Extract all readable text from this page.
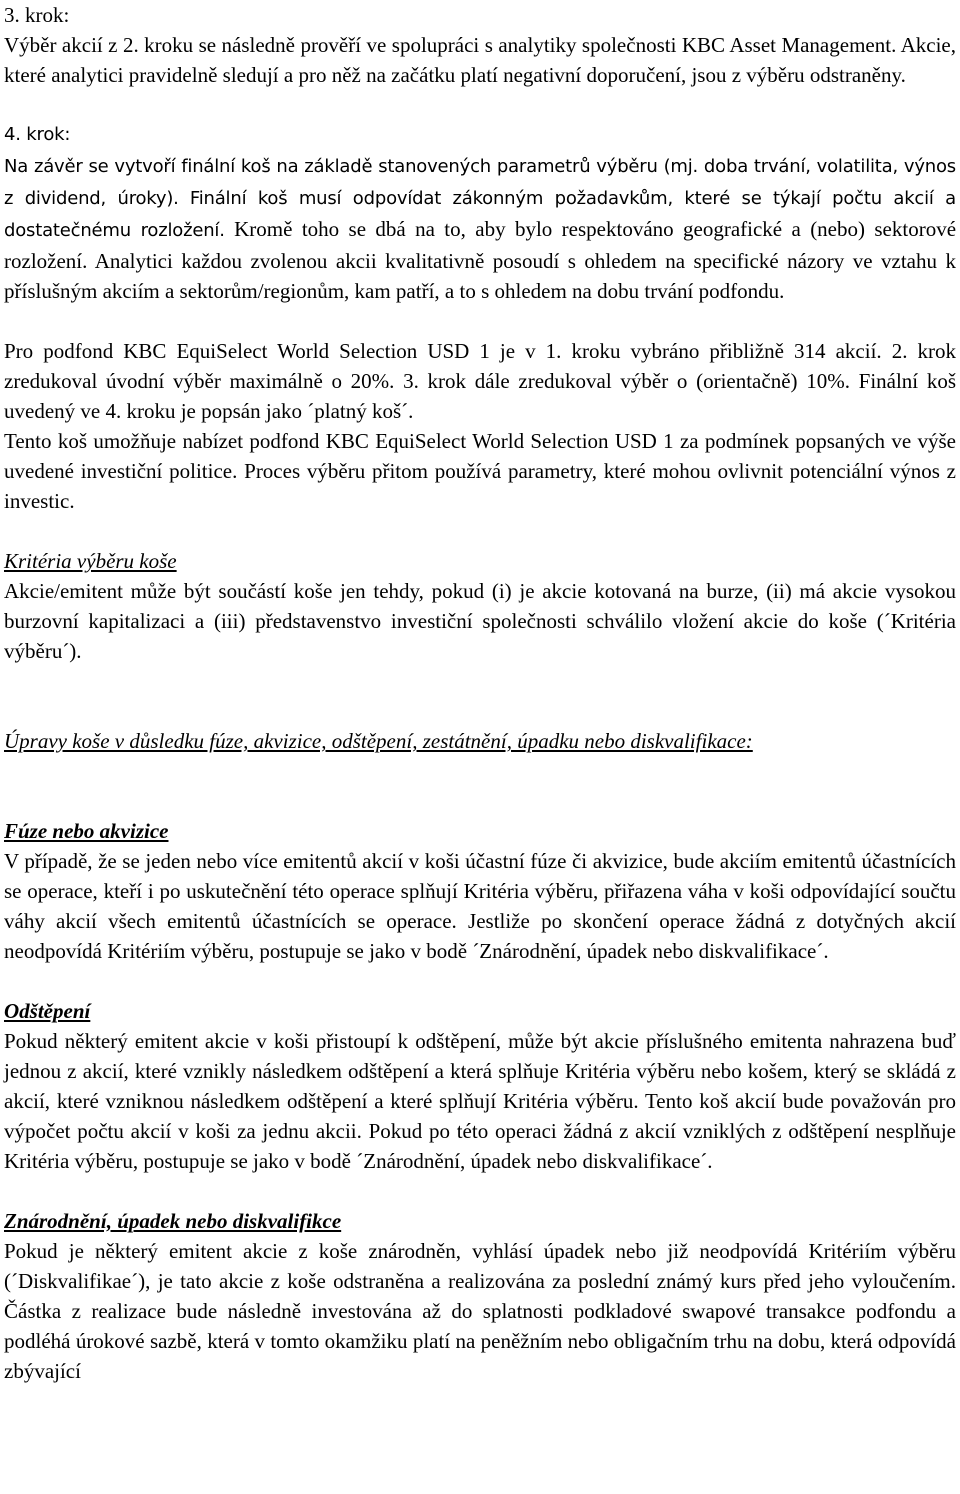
3. krok:

Výběr akcií z 2. kroku se následně prověří ve spolupráci s analytiky společnosti KBC Asset Management. Akcie, které analytici pravidelně sledují a pro něž na začátku platí negativní doporučení, jsou z výběru odstraněny.

4. krok:

Na závěr se vytvoří finální koš na základě stanovených parametrů výběru (mj. doba trvání, volatilita, výnos z dividend, úroky). Finální koš musí odpovídat zákonným požadavkům, které se týkají počtu akcií a dostatečnému rozložení. Kromě toho se dbá na to, aby bylo respektováno geografické a (nebo) sektorové rozložení. Analytici každou zvolenou akcii kvalitativně posoudí s ohledem na specifické názory ve vztahu k příslušným akciím a sektorům/regionům, kam patří, a to s ohledem na dobu trvání podfondu.

Pro podfond KBC EquiSelect World Selection USD 1 je v 1. kroku vybráno přibližně 314 akcií. 2. krok zredukoval úvodní výběr maximálně o 20%. 3. krok dále zredukoval výběr o (orientačně) 10%. Finální koš uvedený ve 4. kroku je popsán jako ´platný koš´.

Tento koš umožňuje nabízet podfond KBC EquiSelect World Selection USD 1 za podmínek popsaných ve výše uvedené investiční politice. Proces výběru přitom používá parametry, které mohou ovlivnit potenciální výnos z investic.

Kritéria výběru koše

Akcie/emitent může být součástí koše jen tehdy, pokud (i) je akcie kotovaná na burze, (ii) má akcie vysokou burzovní kapitalizaci a (iii) představenstvo investiční společnosti schválilo vložení akcie do koše (´Kritéria výběru´).

Úpravy koše v důsledku fúze, akvizice, odštěpení, zestátnění, úpadku nebo diskvalifikace:

Fúze nebo akvizice

V případě, že se jeden nebo více emitentů akcií v koši účastní fúze či akvizice, bude akciím emitentů účastnících se operace, kteří i po uskutečnění této operace splňují Kritéria výběru, přiřazena váha v koši odpovídající součtu váhy akcií všech emitentů účastnících se operace. Jestliže po skončení operace žádná z dotyčných akcií neodpovídá Kritériím výběru, postupuje se jako v bodě ´Znárodnění, úpadek nebo diskvalifikace´.

Odštěpení

Pokud některý emitent akcie v koši přistoupí k odštěpení, může být akcie příslušného emitenta nahrazena buď jednou z akcií, které vznikly následkem odštěpení a která splňuje Kritéria výběru nebo košem, který se skládá z akcií, které vzniknou následkem odštěpení a které splňují Kritéria výběru. Tento koš akcií bude považován pro výpočet počtu akcií v koši za jednu akcii. Pokud po této operaci žádná z akcií vzniklých z odštěpení nesplňuje Kritéria výběru, postupuje se jako v bodě ´Znárodnění, úpadek nebo diskvalifikace´.

Znárodnění, úpadek nebo diskvalifikce

Pokud je některý emitent akcie z koše znárodněn, vyhlásí úpadek nebo již neodpovídá Kritériím výběru (´Diskvalifikae´), je tato akcie z koše odstraněna a realizována za poslední známý kurs před jeho vyloučením. Částka z realizace bude následně investována až do splatnosti podkladové swapové transakce podfondu a podléhá úrokové sazbě, která v tomto okamžiku platí na peněžním nebo obligačním trhu na dobu, která odpovídá zbývající
